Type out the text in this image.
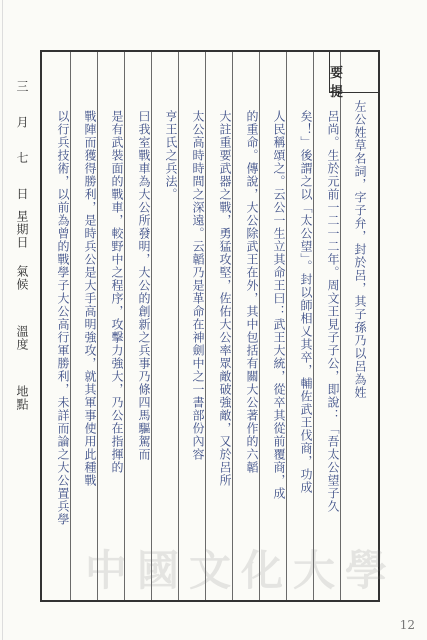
要 提
左公姓草名詞，字子弁，封於呂，其子孫乃以呂為姓
呂尚。生於元前一二一二年。周文王見子子公，即說：「吾太公望子久
矣！」後謂之以「太公望」。封以師相乂其卒，輔佐武王伐商，功成
人民稱頌之。云公一生立其命王曰：武王大統，從卒其從前覆商，成
的重命。傳說，大公除武王在外，其中包括有關大公著作的六韜
大註重要武器之戰，勇猛攻堅，佐佑大公率眾敵破強敵，又於呂所
太公高時時間之深遠。云韜乃是革命在神劍中之一書部份內容
亨王氏之兵法。
曰我室戰車為大公所發明，大公的創新之兵事乃條四馬驅駕而
是有武裝面的戰車，較野中之程序，攻擊力強大，乃公在指揮的
戰陣而獲得勝利，是時兵公是大手高明強攻，就其軍事使用此種戰
以行兵技術，以前為曾的戰學子大公高行軍勝利，未詳而論之大公置兵學
三 月 七 日
星期日
氣候
溫度
地點
中國文化大學
12
